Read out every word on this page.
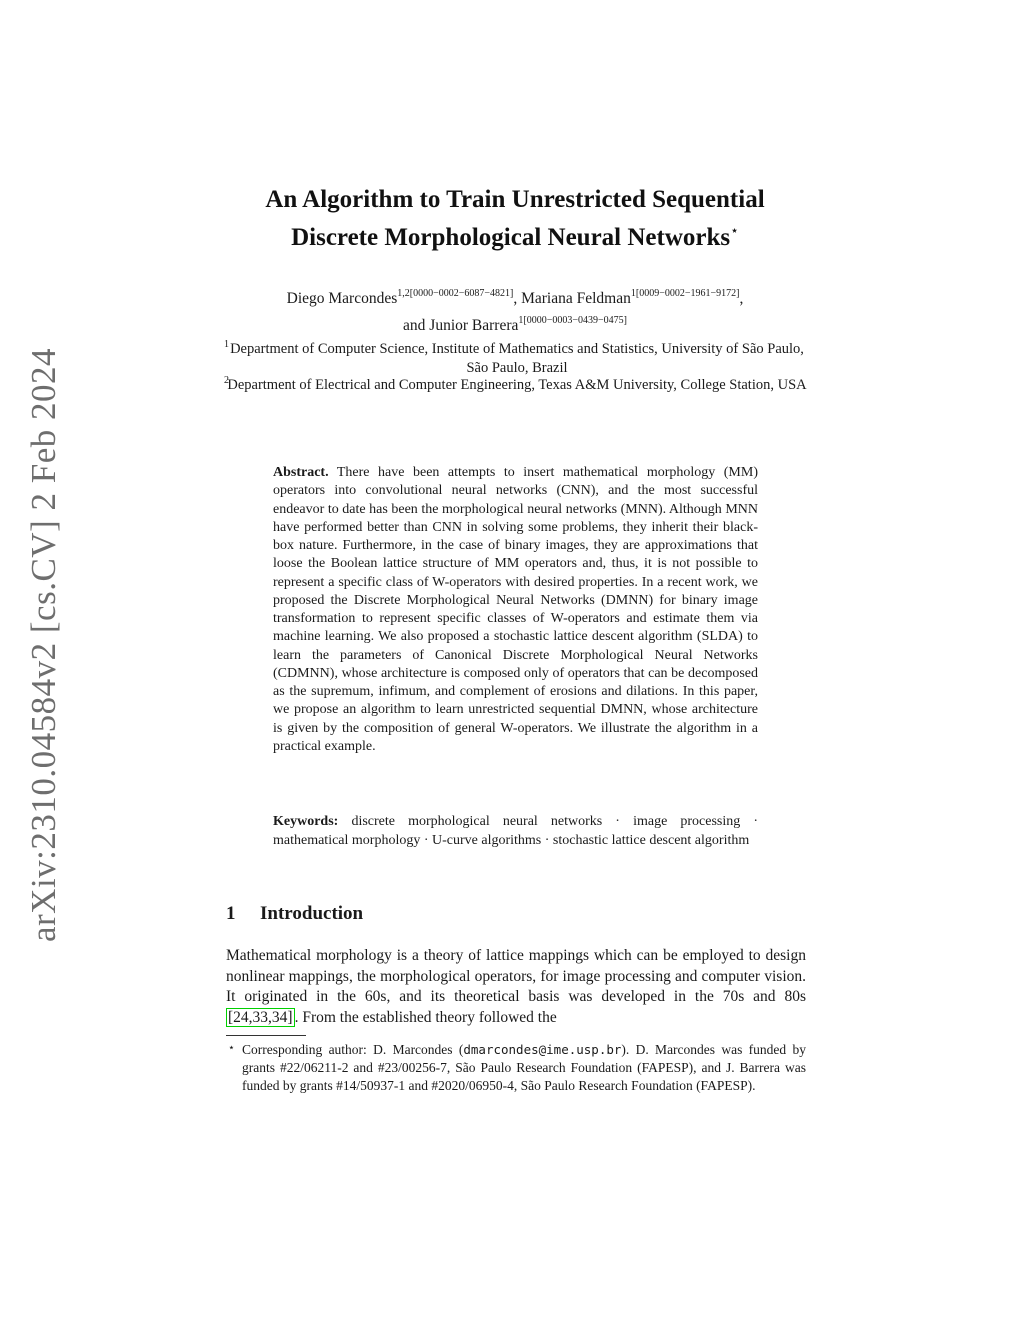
arXiv:2310.04584v2 [cs.CV] 2 Feb 2024
An Algorithm to Train Unrestricted Sequential
Discrete Morphological Neural Networks⋆
Diego Marcondes$^{1,2[0000-0002-6087-4821]}$, Mariana Feldman$^{1[0009-0002-1961-9172]}$,
and Junior Barrera$^{1[0000-0003-0439-0475]}$
1 Department of Computer Science, Institute of Mathematics and Statistics, University of São Paulo, São Paulo, Brazil
2
Department of Electrical and Computer Engineering, Texas A&M University, College Station, USA
Abstract. There have been attempts to insert mathematical morphology (MM) operators into convolutional neural networks (CNN), and the most successful endeavor to date has been the morphological neural networks (MNN). Although MNN have performed better than CNN in solving some problems, they inherit their black-box nature. Furthermore, in the case of binary images, they are approximations that loose the Boolean lattice structure of MM operators and, thus, it is not possible to represent a specific class of W-operators with desired properties. In a recent work, we proposed the Discrete Morphological Neural Networks (DMNN) for binary image transformation to represent specific classes of W-operators and estimate them via machine learning. We also proposed a stochastic lattice descent algorithm (SLDA) to learn the parameters of Canonical Discrete Morphological Neural Networks (CDMNN), whose architecture is composed only of operators that can be decomposed as the supremum, infimum, and complement of erosions and dilations. In this paper, we propose an algorithm to learn unrestricted sequential DMNN, whose architecture is given by the composition of general W-operators. We illustrate the algorithm in a practical example.
Keywords: discrete morphological neural networks · image processing · mathematical morphology · U-curve algorithms · stochastic lattice descent algorithm
1 Introduction
Mathematical morphology is a theory of lattice mappings which can be employed to design nonlinear mappings, the morphological operators, for image processing and computer vision. It originated in the 60s, and its theoretical basis was developed in the 70s and 80s [24,33,34] . From the established theory followed the
⋆ Corresponding author: D. Marcondes (dmarcondes@ime.usp.br). D. Marcondes was funded by grants #22/06211-2 and #23/00256-7, São Paulo Research Foundation (FAPESP), and J. Barrera was funded by grants #14/50937-1 and #2020/06950-4, São Paulo Research Foundation (FAPESP).
